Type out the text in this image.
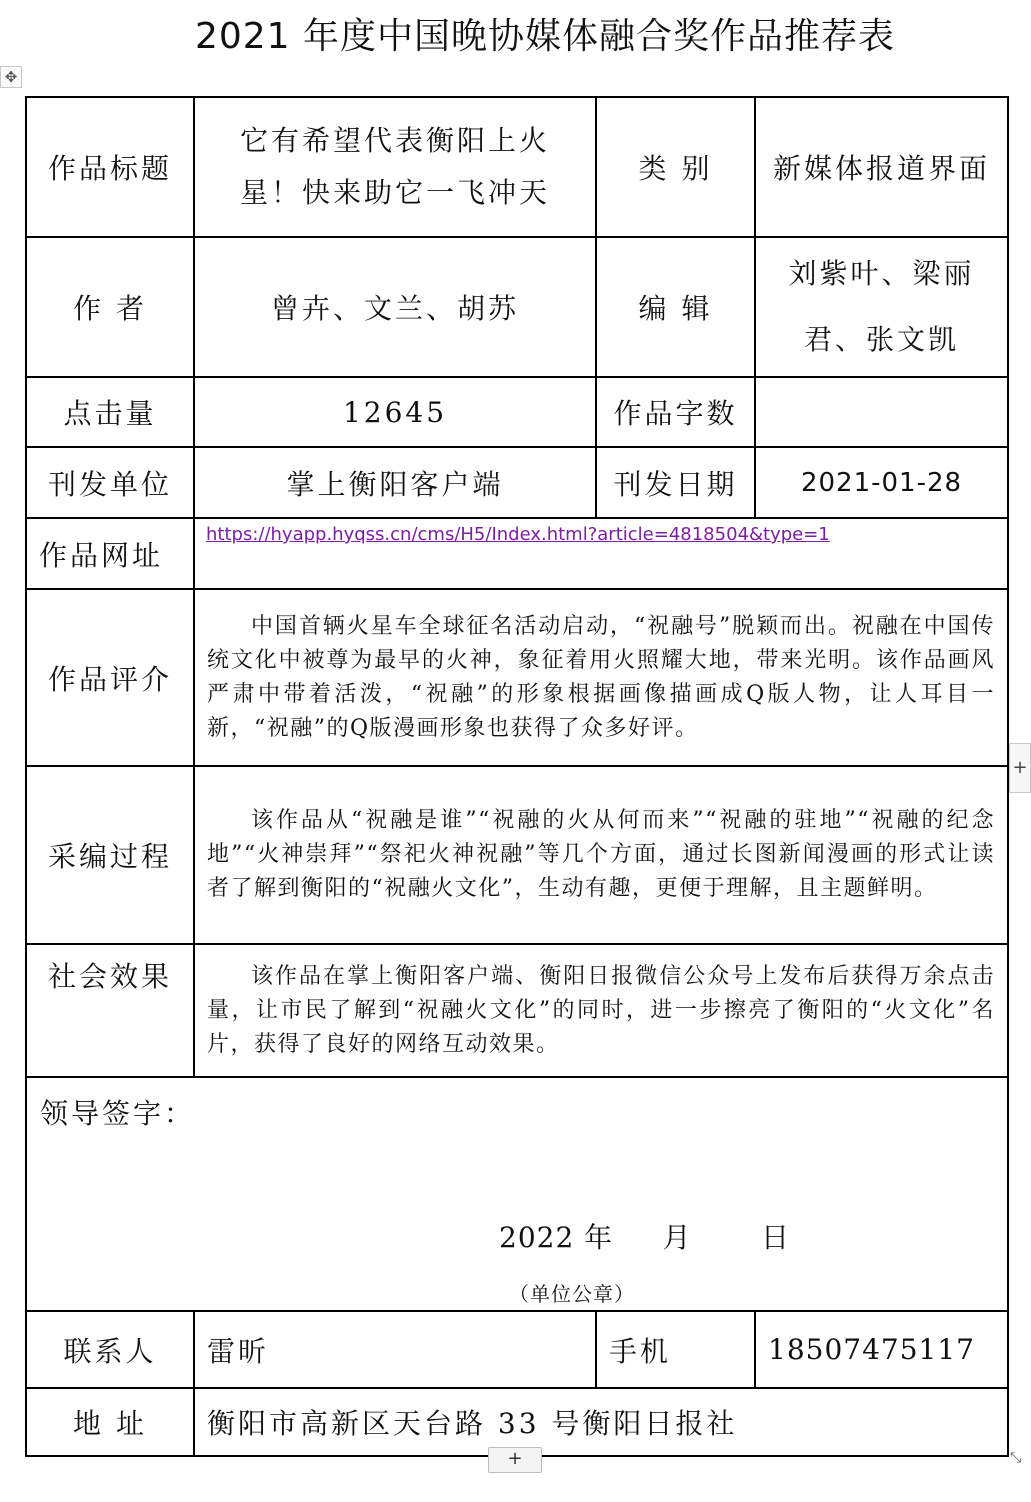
2021 年度中国晚协媒体融合奖作品推荐表
✥
作品标题	它有希望代表衡阳上火星！快来助它一飞冲天	类 别	新媒体报道界面
作 者	曾卉、文兰、胡苏	编 辑	刘紫叶、梁丽君、张文凯
点击量	12645	作品字数	
刊发单位	掌上衡阳客户端	刊发日期	2021-01-28
作品网址	https://hyapp.hyqss.cn/cms/H5/Index.html?article=4818504&type=1		

作品评介	中国首辆火星车全球征名活动启动，“祝融号”脱颖而出。祝融在中国传统文化中被尊为最早的火神，象征着用火照耀大地，带来光明。该作品画风严肃中带着活泼，“祝融”的形象根据画像描画成Q版人物，让人耳目一新，“祝融”的Q版漫画形象也获得了众多好评。		

采编过程	该作品从“祝融是谁”“祝融的火从何而来”“祝融的驻地”“祝融的纪念地”“火神崇拜”“祭祀火神祝融”等几个方面，通过长图新闻漫画的形式让读者了解到衡阳的“祝融火文化”，生动有趣，更便于理解，且主题鲜明。		

社会效果	该作品在掌上衡阳客户端、衡阳日报微信公众号上发布后获得万余点击量，让市民了解到“祝融火文化”的同时，进一步擦亮了衡阳的“火文化”名片，获得了良好的网络互动效果。		

领导签字：
2022 年     月       日
（单位公章）			

联系人	雷昕	手机	18507475117
地 址	衡阳市高新区天台路 33 号衡阳日报社		
+
+	⤡
